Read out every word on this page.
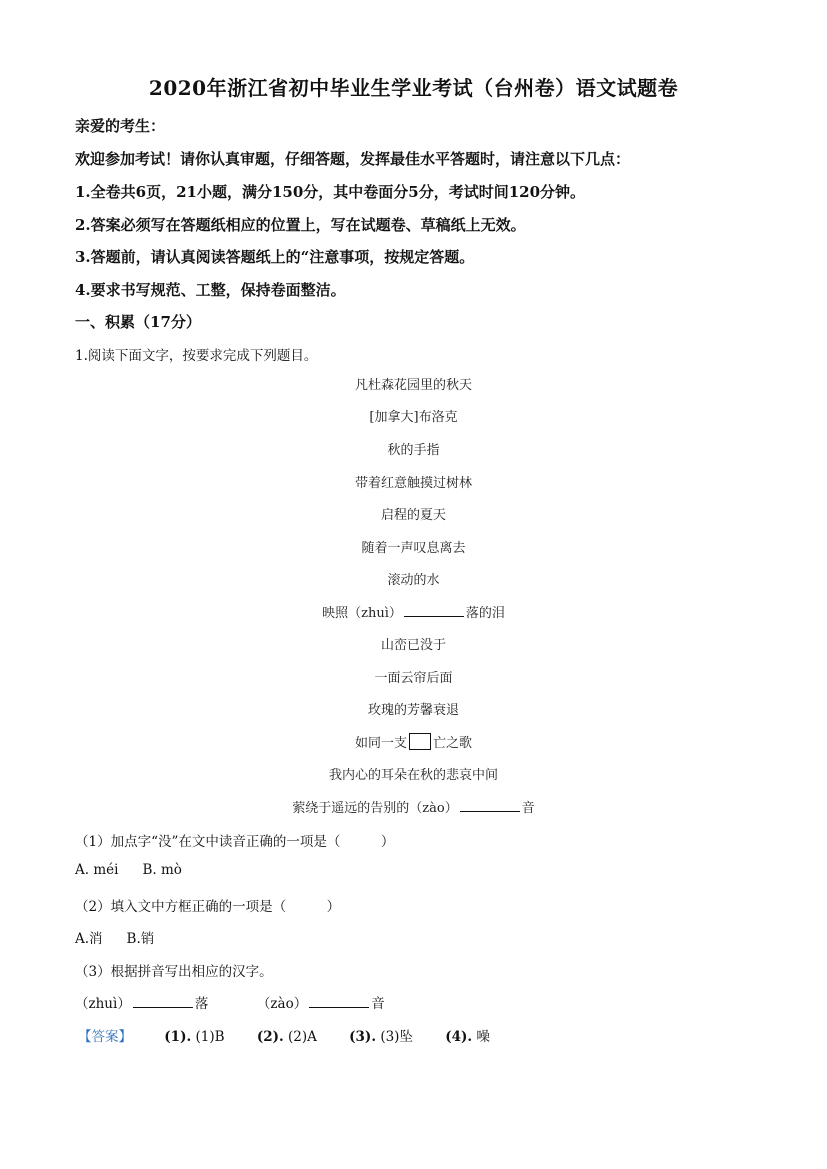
2020年浙江省初中毕业生学业考试（台州卷）语文试题卷
亲爱的考生：
欢迎参加考试！请你认真审题，仔细答题，发挥最佳水平答题时，请注意以下几点：
1.全卷共6页，21小题，满分150分，其中卷面分5分，考试时间120分钟。
2.答案必须写在答题纸相应的位置上，写在试题卷、草稿纸上无效。
3.答题前，请认真阅读答题纸上的“注意事项，按规定答题。
4.要求书写规范、工整，保持卷面整洁。
一、积累（17分）
1.阅读下面文字，按要求完成下列题目。
凡杜森花园里的秋天
[加拿大]布洛克
秋的手指
带着红意触摸过树林
启程的夏天
随着一声叹息离去
滚动的水
映照（zhuì）	落的泪
山峦已没于
一面云帘后面
玫瑰的芳馨衰退
如同一支 亡之歌
我内心的耳朵在秋的悲哀中间
萦绕于遥远的告别的（zào）	音
（1）加点字“没”在文中读音正确的一项是（　　　）
A. méi B. mò
（2）填入文中方框正确的一项是（　　　）
A.消 B.销
（3）根据拼音写出相应的汉字。
（zhuì）	落	（zào）	音
【答案】 (1). (1)B (2). (2)A (3). (3)坠 (4). 噪
